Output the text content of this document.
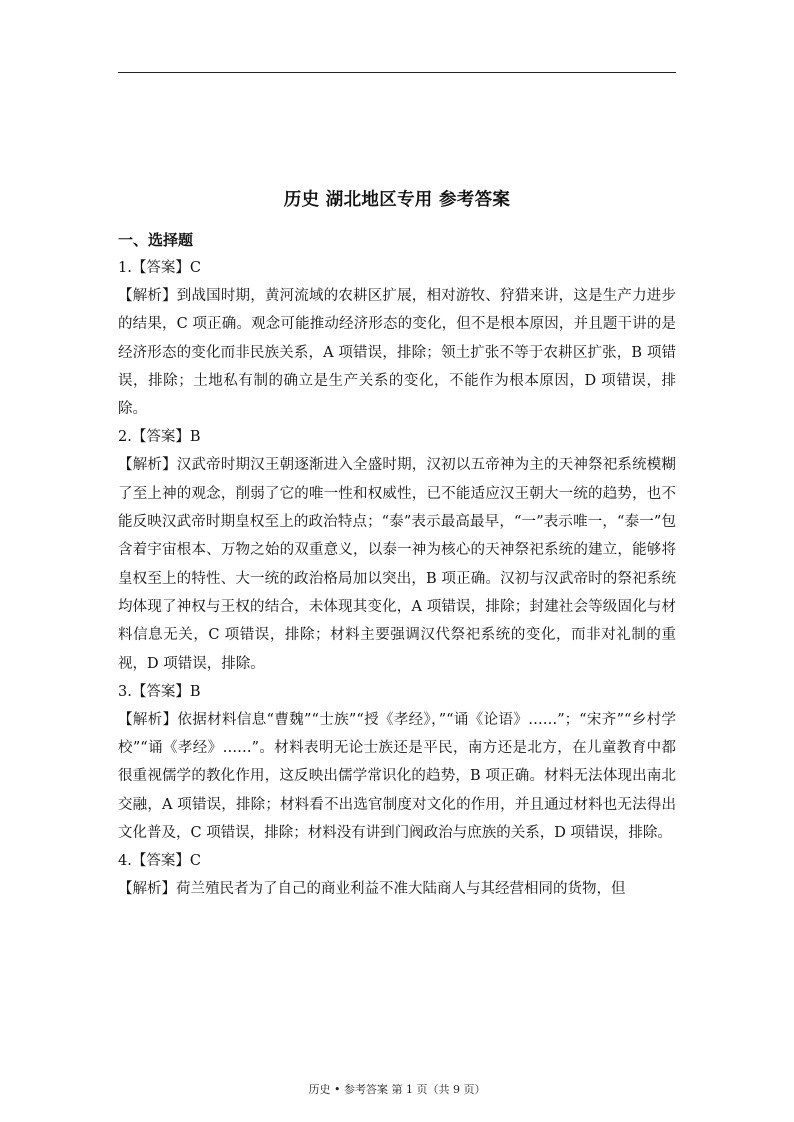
历史 湖北地区专用 参考答案
一、选择题
1.【答案】C
【解析】到战国时期，黄河流域的农耕区扩展，相对游牧、狩猎来讲，这是生产力进步的结果，C 项正确。观念可能推动经济形态的变化，但不是根本原因，并且题干讲的是经济形态的变化而非民族关系，A 项错误，排除；领土扩张不等于农耕区扩张，B 项错误，排除；土地私有制的确立是生产关系的变化，不能作为根本原因，D 项错误，排除。
2.【答案】B
【解析】汉武帝时期汉王朝逐渐进入全盛时期，汉初以五帝神为主的天神祭祀系统模糊了至上神的观念，削弱了它的唯一性和权威性，已不能适应汉王朝大一统的趋势，也不能反映汉武帝时期皇权至上的政治特点；“泰”表示最高最早，“一”表示唯一，“泰一”包含着宇宙根本、万物之始的双重意义，以泰一神为核心的天神祭祀系统的建立，能够将皇权至上的特性、大一统的政治格局加以突出，B 项正确。汉初与汉武帝时的祭祀系统均体现了神权与王权的结合，未体现其变化，A 项错误，排除；封建社会等级固化与材料信息无关，C 项错误，排除；材料主要强调汉代祭祀系统的变化，而非对礼制的重视，D 项错误，排除。
3.【答案】B
【解析】依据材料信息“曹魏”“士族”“授《孝经》，”“诵《论语》……”；“宋齐”“乡村学校”“诵《孝经》……”。材料表明无论士族还是平民，南方还是北方，在儿童教育中都很重视儒学的教化作用，这反映出儒学常识化的趋势，B 项正确。材料无法体现出南北交融，A 项错误，排除；材料看不出选官制度对文化的作用，并且通过材料也无法得出文化普及，C 项错误，排除；材料没有讲到门阀政治与庶族的关系，D 项错误，排除。
4.【答案】C
【解析】荷兰殖民者为了自己的商业利益不准大陆商人与其经营相同的货物，但
历史 • 参考答案 第 1 页（共 9 页）
